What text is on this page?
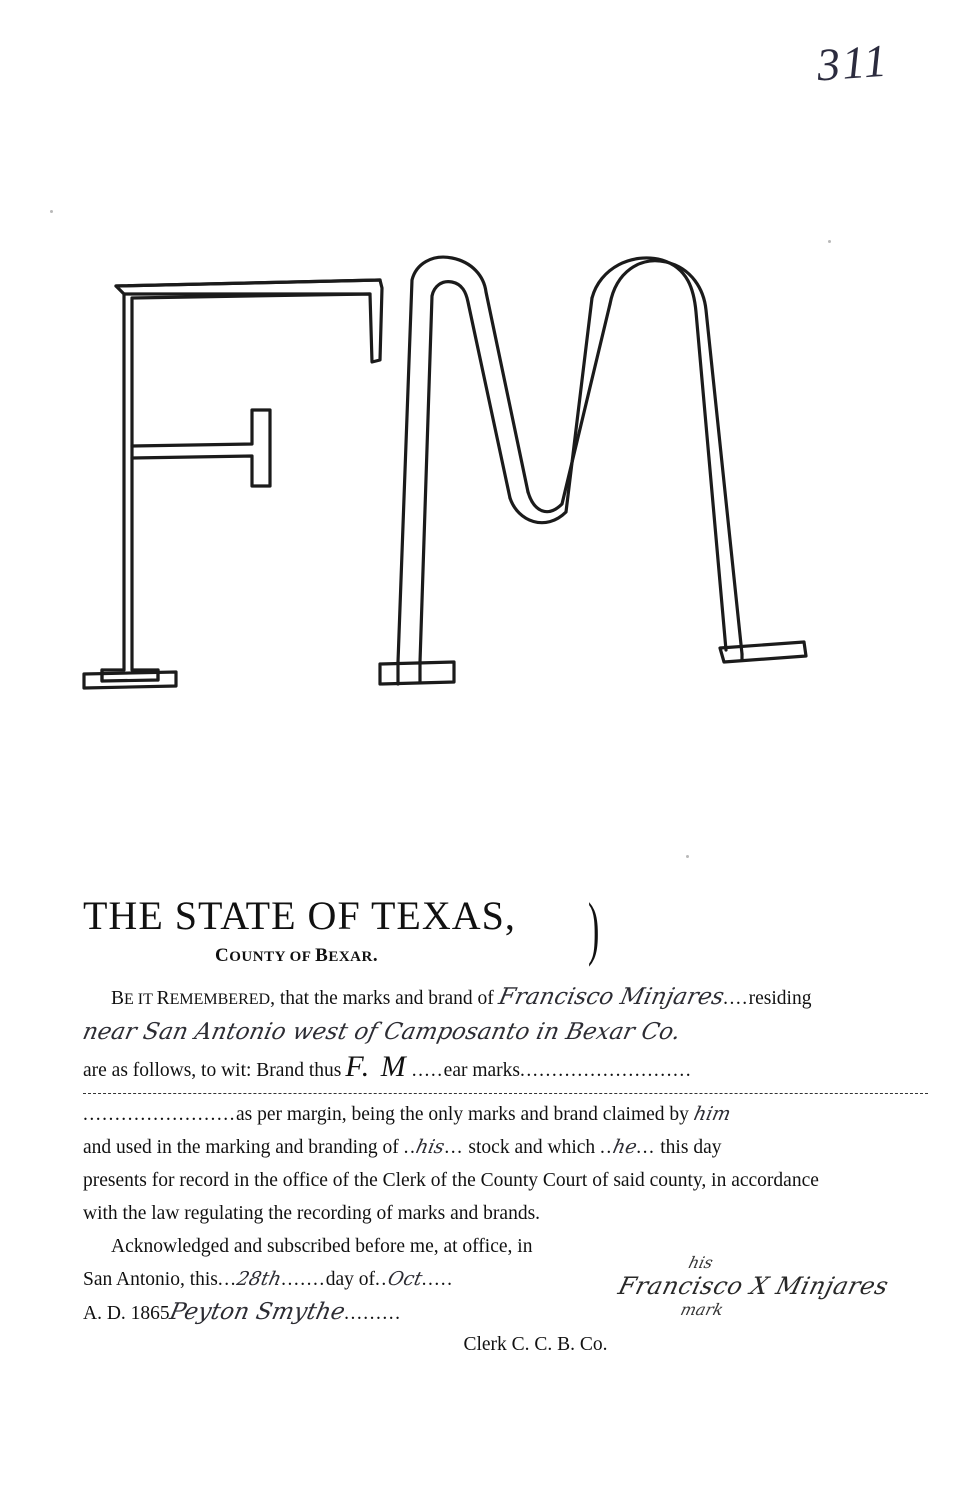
311
THE STATE OF TEXAS, )
COUNTY OF BEXAR.
BE IT REMEMBERED, that the marks and brand of Francisco Minjares....residing
near San Antonio west of Camposanto in Bexar Co.
are as follows, to wit: Brand thus F. M .....ear marks...........................
........................as per margin, being the only marks and brand claimed by him
and used in the marking and branding of ..his... stock and which ..he... this day
presents for record in the office of the Clerk of the County Court of said county, in accordance
with the law regulating the recording of marks and brands.
Acknowledged and subscribed before me, at office, in
San Antonio, this...28th.......day of..Oct.....
A. D. 1865Peyton Smythe.........
Clerk C. C. B. Co.
his
Francisco X Minjares
mark
